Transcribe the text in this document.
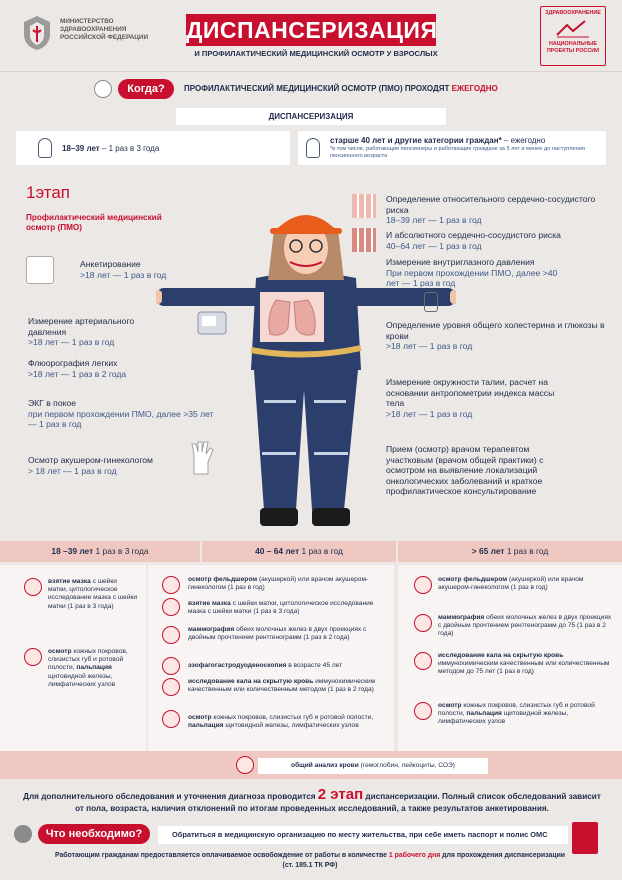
МИНИСТЕРСТВО ЗДРАВООХРАНЕНИЯ РОССИЙСКОЙ ФЕДЕРАЦИИ	ДИСПАНСЕРИЗАЦИЯ
И ПРОФИЛАКТИЧЕСКИЙ МЕДИЦИНСКИЙ ОСМОТР У ВЗРОСЛЫХ
ЗДРАВООХРАНЕНИЕ
НАЦИОНАЛЬНЫЕ ПРОЕКТЫ РОССИИ
Когда?	ПРОФИЛАКТИЧЕСКИЙ МЕДИЦИНСКИЙ ОСМОТР (ПМО) ПРОХОДЯТ ЕЖЕГОДНО
ДИСПАНСЕРИЗАЦИЯ
18–39 лет – 1 раз в 3 года
старше 40 лет и другие категории граждан* – ежегодно
*в том числе, работающие пенсионеры и работающие граждане за 5 лет и менее до наступления пенсионного возраста
1этап
Профилактический медицинский осмотр (ПМО)
Анкетирование
>18 лет — 1 раз в год
Измерение артериального давления
>18 лет — 1 раз в год
Флюорография легких
>18 лет — 1 раз в 2 года
ЭКГ в покое
при первом прохождении ПМО, далее >35 лет — 1 раз в год
Осмотр акушером-гинекологом
> 18 лет — 1 раз в год
Определение относительного сердечно-сосудистого риска
18–39 лет — 1 раз в год
И абсолютного сердечно-сосудистого риска
40–64 лет — 1 раз в год
Измерение внутриглазного давления
При первом прохождении ПМО, далее >40 лет — 1 раз в год
Определение уровня общего холестерина и глюкозы в крови
>18 лет — 1 раз в год
Измерение окружности талии, расчет на основании антропометрии индекса массы тела
>18 лет — 1 раз в год
Прием (осмотр) врачом терапевтом участковым (врачом общей практики) с осмотром на выявление локализаций онкологических заболеваний и краткое профилактическое консультирование
18 –39 лет 1 раз в 3 года	40 – 64 лет 1 раз в год	> 65 лет 1 раз в год
взятие мазка с шейки матки, цитологическое исследование мазка с шейки матки (1 раз в 3 года)
осмотр кожных покровов, слизистых губ и ротовой полости, пальпация щитовидной железы, лимфатических узлов
осмотр фельдшером (акушеркой) или врачом акушером- гинекологом (1 раз в год)
взятие мазка с шейки матки, цитологическое исследование мазка с шейки матки (1 раз в 3 года)
маммография обеих молочных желез в двух проекциях с двойным прочтением рентгенограмм (1 раз в 2 года)
эзофагогастродуоденоскопия в возрасте 45 лет
исследование кала на скрытую кровь иммунохимическим качественным или количественным методом (1 раз в 2 года)
осмотр кожных покровов, слизистых губ и ротовой полости, пальпация щитовидной железы, лимфатических узлов
осмотр фельдшером (акушеркой) или врачом акушером-гинекологом (1 раз в год)
маммография обеих молочных желез в двух проекциях с двойным прочтением рентгенограмм до 75 (1 раз в 2 года)
исследование кала на скрытую кровь иммунохимическим качественным или количественным методом до 75 лет (1 раз в год)
осмотр кожных покровов, слизистых губ и ротовой полости, пальпация щитовидной железы, лимфатических узлов
общий анализ крови (гемоглобин, лейкоциты, СОЭ)
Для дополнительного обследования и уточнения диагноза проводится 2 этап диспансеризации. Полный список обследований зависит от пола, возраста, наличия отклонений по итогам проведенных исследований, а также результатов анкетирования.
Что необходимо?	Обратиться в медицинскую организацию по месту жительства, при себе иметь паспорт и полис ОМС
Работающим гражданам предоставляется оплачиваемое освобождение от работы в количестве 1 рабочего дня для прохождения диспансеризации (ст. 185.1 ТК РФ)
